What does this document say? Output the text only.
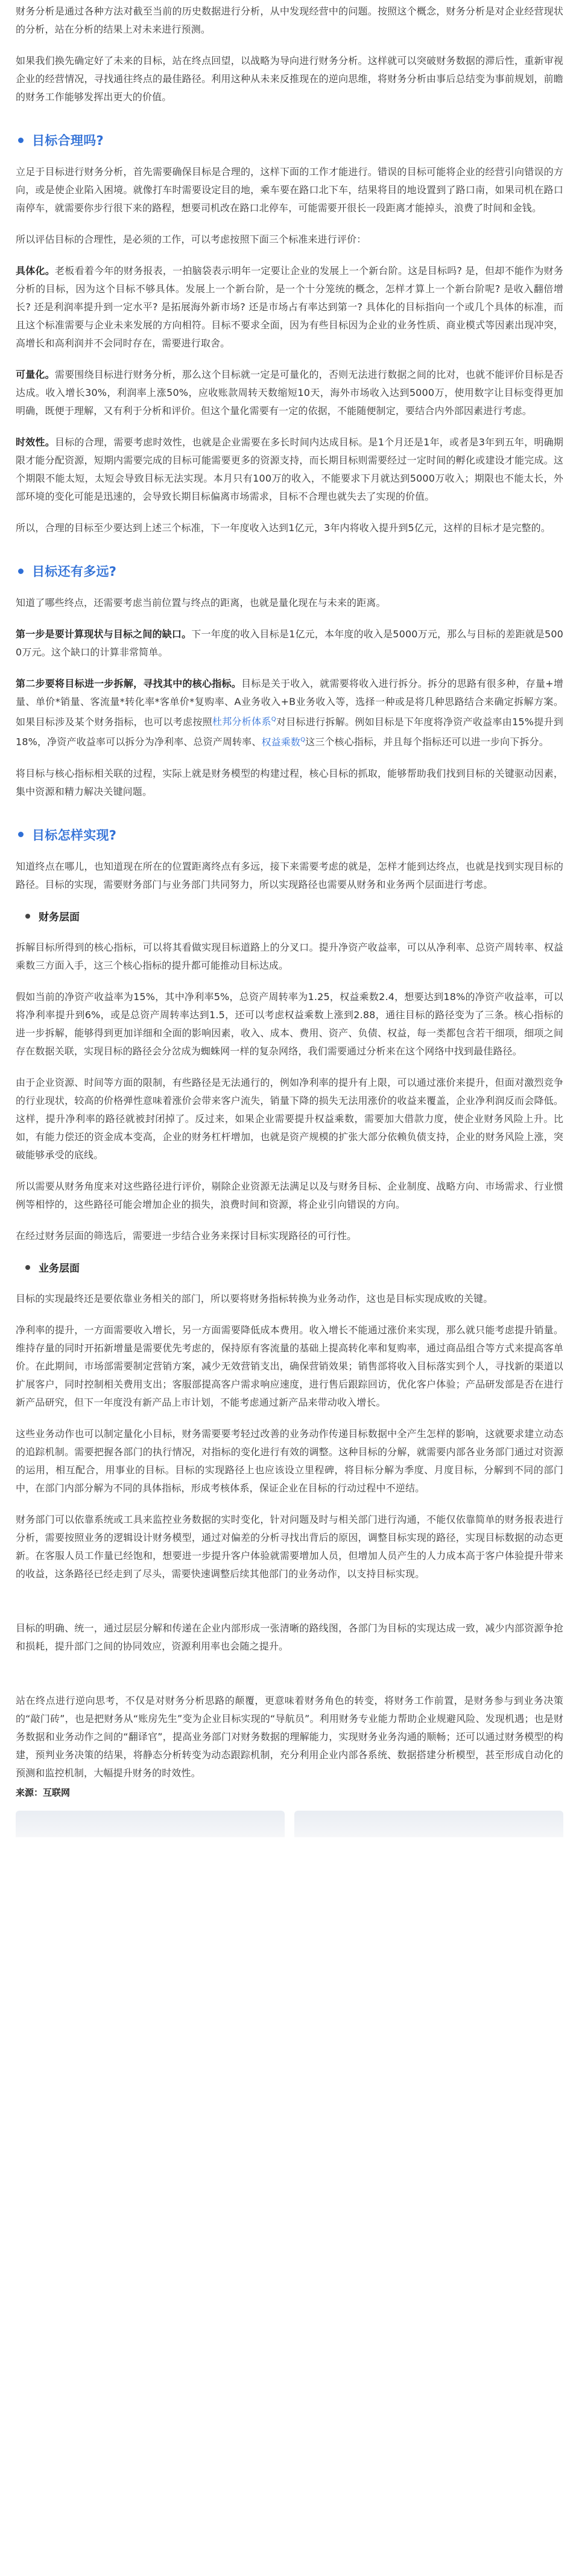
财务分析是通过各种方法对截至当前的历史数据进行分析，从中发现经营中的问题。按照这个概念，财务分析是对企业经营现状的分析，站在分析的结果上对未来进行预测。

如果我们换先确定好了未来的目标，站在终点回望，以战略为导向进行财务分析。这样就可以突破财务数据的滞后性，重新审视企业的经营情况，寻找通往终点的最佳路径。利用这种从未来反推现在的逆向思维，将财务分析由事后总结变为事前规划，前瞻的财务工作能够发挥出更大的价值。

目标合理吗?

立足于目标进行财务分析，首先需要确保目标是合理的，这样下面的工作才能进行。错误的目标可能将企业的经营引向错误的方向，或是使企业陷入困境。就像打车时需要设定目的地，乘车要在路口北下车，结果将目的地设置到了路口南，如果司机在路口南停车，就需要你步行很下来的路程，想要司机改在路口北停车，可能需要开很长一段距离才能掉头，浪费了时间和金钱。

所以评估目标的合理性，是必须的工作，可以考虑按照下面三个标准来进行评价：

具体化。老板看着今年的财务报表，一拍脑袋表示明年一定要让企业的发展上一个新台阶。这是目标吗? 是，但却不能作为财务分析的目标，因为这个目标不够具体。发展上一个新台阶，是一个十分笼统的概念，怎样才算上一个新台阶呢? 是收入翻倍增长? 还是利润率提升到一定水平? 是拓展海外新市场? 还是市场占有率达到第一? 具体化的目标指向一个或几个具体的标准，而且这个标准需要与企业未来发展的方向相符。目标不要求全面，因为有些目标因为企业的业务性质、商业模式等因素出现冲突，高增长和高利润并不会同时存在，需要进行取舍。

可量化。需要围绕目标进行财务分析，那么这个目标就一定是可量化的，否则无法进行数据之间的比对，也就不能评价目标是否达成。收入增长30%，利润率上涨50%，应收账款周转天数缩短10天，海外市场收入达到5000万，使用数字让目标变得更加明确，既便于理解，又有利于分析和评价。但这个量化需要有一定的依据，不能随便制定，要结合内外部因素进行考虑。

时效性。目标的合理，需要考虑时效性，也就是企业需要在多长时间内达成目标。是1个月还是1年，或者是3年到五年，明确期限才能分配资源，短期内需要完成的目标可能需要更多的资源支持，而长期目标则需要经过一定时间的孵化或建设才能完成。这个期限不能太短，太短会导致目标无法实现。本月只有100万的收入，不能要求下月就达到5000万收入；期限也不能太长，外部环境的变化可能是迅速的，会导致长期目标偏离市场需求，目标不合理也就失去了实现的价值。

所以，合理的目标至少要达到上述三个标准，下一年度收入达到1亿元，3年内将收入提升到5亿元，这样的目标才是完整的。

目标还有多远?

知道了哪些终点，还需要考虑当前位置与终点的距离，也就是量化现在与未来的距离。

第一步是要计算现状与目标之间的缺口。下一年度的收入目标是1亿元，本年度的收入是5000万元，那么与目标的差距就是5000万元。这个缺口的计算非常简单。

第二步要将目标进一步拆解，寻找其中的核心指标。目标是关于收入，就需要将收入进行拆分。拆分的思路有很多种，存量+增量、单价*销量、客流量*转化率*客单价*复购率、A业务收入+B业务收入等，选择一种或是将几种思路结合来确定拆解方案。如果目标涉及某个财务指标，也可以考虑按照杜邦分析体系$^Q$对目标进行拆解。例如目标是下年度将净资产收益率由15%提升到18%，净资产收益率可以拆分为净利率、总资产周转率、权益乘数$^Q$这三个核心指标，并且每个指标还可以进一步向下拆分。

将目标与核心指标相关联的过程，实际上就是财务模型的构建过程，核心目标的抓取，能够帮助我们找到目标的关键驱动因素，集中资源和精力解决关键问题。

目标怎样实现?

知道终点在哪儿，也知道现在所在的位置距离终点有多远，接下来需要考虑的就是，怎样才能到达终点，也就是找到实现目标的路径。目标的实现，需要财务部门与业务部门共同努力，所以实现路径也需要从财务和业务两个层面进行考虑。

财务层面

拆解目标所得到的核心指标，可以将其看做实现目标道路上的分叉口。提升净资产收益率，可以从净利率、总资产周转率、权益乘数三方面入手，这三个核心指标的提升都可能推动目标达成。

假如当前的净资产收益率为15%，其中净利率5%，总资产周转率为1.25，权益乘数2.4，想要达到18%的净资产收益率，可以将净利率提升到6%，或是总资产周转率达到1.5，还可以考虑权益乘数上涨到2.88，通往目标的路径变为了三条。核心指标的进一步拆解，能够得到更加详细和全面的影响因素，收入、成本、费用、资产、负债、权益，每一类都包含若干细项，细项之间存在数据关联，实现目标的路径会分岔成为蜘蛛网一样的复杂网络，我们需要通过分析来在这个网络中找到最佳路径。

由于企业资源、时间等方面的限制，有些路径是无法通行的，例如净利率的提升有上限，可以通过涨价来提升，但面对激烈竞争的行业现状，较高的价格弹性意味着涨价会带来客户流失，销量下降的损失无法用涨价的收益来覆盖，企业净利润反而会降低。这样，提升净利率的路径就被封闭掉了。反过来，如果企业需要提升权益乘数，需要加大借款力度，使企业财务风险上升。比如，有能力偿还的资金成本变高，企业的财务杠杆增加，也就是资产规模的扩张大部分依赖负债支持，企业的财务风险上涨，突破能够承受的底线。

所以需要从财务角度来对这些路径进行评价，剔除企业资源无法满足以及与财务目标、企业制度、战略方向、市场需求、行业惯例等相悖的，这些路径可能会增加企业的损失，浪费时间和资源，将企业引向错误的方向。

在经过财务层面的筛选后，需要进一步结合业务来探讨目标实现路径的可行性。

业务层面

目标的实现最终还是要依靠业务相关的部门，所以要将财务指标转换为业务动作，这也是目标实现成败的关键。

净利率的提升，一方面需要收入增长，另一方面需要降低成本费用。收入增长不能通过涨价来实现，那么就只能考虑提升销量。维持存量的同时开拓新增量是需要优先考虑的，保持原有客流量的基础上提高转化率和复购率，通过商品组合等方式来提高客单价。在此期间，市场部需要制定营销方案，减少无效营销支出，确保营销效果；销售部将收入目标落实到个人，寻找新的渠道以扩展客户，同时控制相关费用支出；客服部提高客户需求响应速度，进行售后跟踪回访，优化客户体验；产品研发部是否在进行新产品研究，但下一年度没有新产品上市计划，不能考虑通过新产品来带动收入增长。

这些业务动作也可以制定量化小目标，财务需要要考轻过改善的业务动作传递目标数据中全产生怎样的影响，这就要求建立动态的追踪机制。需要把握各部门的执行情况，对指标的变化进行有效的调整。这种目标的分解，就需要内部各业务部门通过对资源的运用，相互配合，用事业的目标。目标的实现路径上也应该设立里程碑，将目标分解为季度、月度目标，分解到不同的部门中，在部门内部分解为不同的具体指标，形成考核体系，保证企业在目标的行动过程中不逆结。

财务部门可以依靠系统或工具来监控业务数据的实时变化，针对问题及时与相关部门进行沟通，不能仅依靠简单的财务报表进行分析，需要按照业务的逻辑设计财务模型，通过对偏差的分析寻找出背后的原因，调整目标实现的路径，实现目标数据的动态更新。在客服人员工作量已经饱和，想要进一步提升客户体验就需要增加人员，但增加人员产生的人力成本高于客户体验提升带来的收益，这条路径已经走到了尽头，需要快速调整后续其他部门的业务动作，以支持目标实现。

目标的明确、统一，通过层层分解和传递在企业内部形成一张清晰的路线图，各部门为目标的实现达成一致，减少内部资源争抢和损耗，提升部门之间的协同效应，资源利用率也会随之提升。

站在终点进行逆向思考，不仅是对财务分析思路的颠覆，更意味着财务角色的转变，将财务工作前置，是财务参与到业务决策的“敲门砖”，也是把财务从“账房先生”变为企业目标实现的“导航员”。利用财务专业能力帮助企业规避风险、发现机遇；也是财务数据和业务动作之间的“翻译官”，提高业务部门对财务数据的理解能力，实现财务业务沟通的顺畅；还可以通过财务模型的构建，预判业务决策的结果，将静态分析转变为动态跟踪机制，充分利用企业内部各系统、数据搭建分析模型，甚至形成自动化的预测和监控机制，大幅提升财务的时效性。

来源：互联网
